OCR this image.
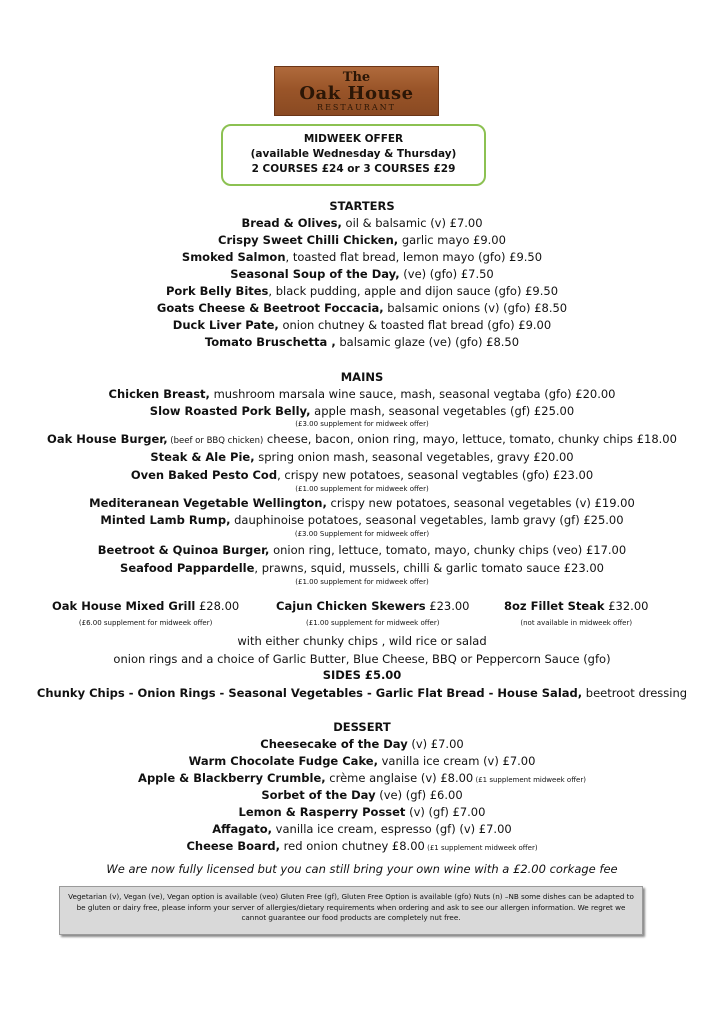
The
Oak House
RESTAURANT
MIDWEEK OFFER
(available Wednesday & Thursday)
2 COURSES £24 or 3 COURSES £29
STARTERS
Bread & Olives, oil & balsamic (v) £7.00
Crispy Sweet Chilli Chicken, garlic mayo £9.00
Smoked Salmon, toasted flat bread, lemon mayo (gfo) £9.50
Seasonal Soup of the Day, (ve) (gfo) £7.50
Pork Belly Bites, black pudding, apple and dijon sauce (gfo) £9.50
Goats Cheese & Beetroot Foccacia, balsamic onions (v) (gfo) £8.50
Duck Liver Pate, onion chutney & toasted flat bread (gfo) £9.00
Tomato Bruschetta , balsamic glaze (ve) (gfo) £8.50
MAINS
Chicken Breast, mushroom marsala wine sauce, mash, seasonal vegtaba (gfo) £20.00
Slow Roasted Pork Belly, apple mash, seasonal vegetables (gf) £25.00
(£3.00 supplement for midweek offer)
Oak House Burger, (beef or BBQ chicken) cheese, bacon, onion ring, mayo, lettuce, tomato, chunky chips £18.00
Steak & Ale Pie, spring onion mash, seasonal vegetables, gravy £20.00
Oven Baked Pesto Cod, crispy new potatoes, seasonal vegtables (gfo) £23.00
(£1.00 supplement for midweek offer)
Mediteranean Vegetable Wellington, crispy new potatoes, seasonal vegetables (v) £19.00
Minted Lamb Rump, dauphinoise potatoes, seasonal vegetables, lamb gravy (gf) £25.00
(£3.00 Supplement for midweek offer)
Beetroot & Quinoa Burger, onion ring, lettuce, tomato, mayo, chunky chips (veo) £17.00
Seafood Pappardelle, prawns, squid, mussels, chilli & garlic tomato sauce £23.00
(£1.00 supplement for midweek offer)
Oak House Mixed Grill £28.00
(£6.00 supplement for midweek offer)
Cajun Chicken Skewers £23.00
(£1.00 supplement for midweek offer)
8oz Fillet Steak £32.00
(not available in midweek offer)
with either chunky chips , wild rice or salad
onion rings and a choice of Garlic Butter, Blue Cheese, BBQ or Peppercorn Sauce (gfo)
SIDES £5.00
Chunky Chips - Onion Rings - Seasonal Vegetables - Garlic Flat Bread - House Salad, beetroot dressing
DESSERT
Cheesecake of the Day (v) £7.00
Warm Chocolate Fudge Cake, vanilla ice cream (v) £7.00
Apple & Blackberry Crumble, crème anglaise (v) £8.00 (£1 supplement midweek offer)
Sorbet of the Day (ve) (gf) £6.00
Lemon & Rasperry Posset (v) (gf) £7.00
Affagato, vanilla ice cream, espresso (gf) (v) £7.00
Cheese Board, red onion chutney £8.00 (£1 supplement midweek offer)
We are now fully licensed but you can still bring your own wine with a £2.00 corkage fee
Vegetarian (v), Vegan (ve), Vegan option is available (veo) Gluten Free (gf), Gluten Free Option is available (gfo) Nuts (n) –NB some dishes can be adapted to be gluten or dairy free, please inform your server of allergies/dietary requirements when ordering and ask to see our allergen information. We regret we cannot guarantee our food products are completely nut free.
